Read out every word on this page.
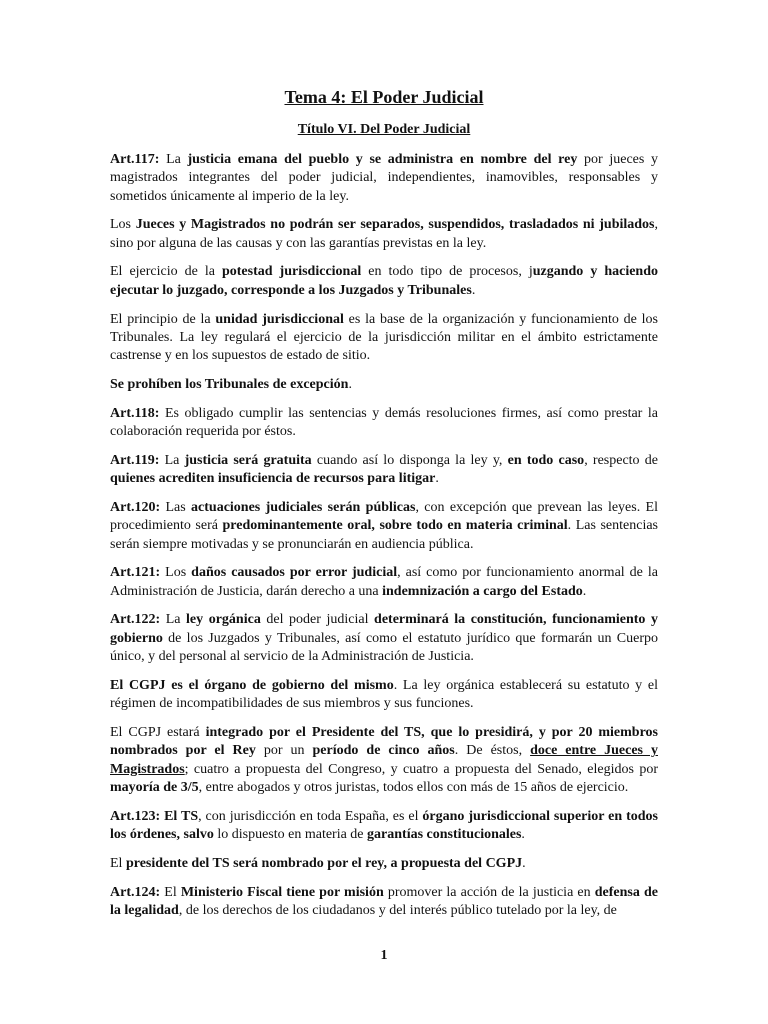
Tema 4: El Poder Judicial
Título VI. Del Poder Judicial

Art.117: La justicia emana del pueblo y se administra en nombre del rey por jueces y magistrados integrantes del poder judicial, independientes, inamovibles, responsables y sometidos únicamente al imperio de la ley.

Los Jueces y Magistrados no podrán ser separados, suspendidos, trasladados ni jubilados, sino por alguna de las causas y con las garantías previstas en la ley.

El ejercicio de la potestad jurisdiccional en todo tipo de procesos, juzgando y haciendo ejecutar lo juzgado, corresponde a los Juzgados y Tribunales.

El principio de la unidad jurisdiccional es la base de la organización y funcionamiento de los Tribunales. La ley regulará el ejercicio de la jurisdicción militar en el ámbito estrictamente castrense y en los supuestos de estado de sitio.

Se prohíben los Tribunales de excepción.

Art.118: Es obligado cumplir las sentencias y demás resoluciones firmes, así como prestar la colaboración requerida por éstos.

Art.119: La justicia será gratuita cuando así lo disponga la ley y, en todo caso, respecto de quienes acrediten insuficiencia de recursos para litigar.

Art.120: Las actuaciones judiciales serán públicas, con excepción que prevean las leyes. El procedimiento será predominantemente oral, sobre todo en materia criminal. Las sentencias serán siempre motivadas y se pronunciarán en audiencia pública.

Art.121: Los daños causados por error judicial, así como por funcionamiento anormal de la Administración de Justicia, darán derecho a una indemnización a cargo del Estado.

Art.122: La ley orgánica del poder judicial determinará la constitución, funcionamiento y gobierno de los Juzgados y Tribunales, así como el estatuto jurídico que formarán un Cuerpo único, y del personal al servicio de la Administración de Justicia.

El CGPJ es el órgano de gobierno del mismo. La ley orgánica establecerá su estatuto y el régimen de incompatibilidades de sus miembros y sus funciones.

El CGPJ estará integrado por el Presidente del TS, que lo presidirá, y por 20 miembros nombrados por el Rey por un período de cinco años. De éstos, doce entre Jueces y Magistrados; cuatro a propuesta del Congreso, y cuatro a propuesta del Senado, elegidos por mayoría de 3/5, entre abogados y otros juristas, todos ellos con más de 15 años de ejercicio.

Art.123: El TS, con jurisdicción en toda España, es el órgano jurisdiccional superior en todos los órdenes, salvo lo dispuesto en materia de garantías constitucionales.

El presidente del TS será nombrado por el rey, a propuesta del CGPJ.

Art.124: El Ministerio Fiscal tiene por misión promover la acción de la justicia en defensa de la legalidad, de los derechos de los ciudadanos y del interés público tutelado por la ley, de

1
